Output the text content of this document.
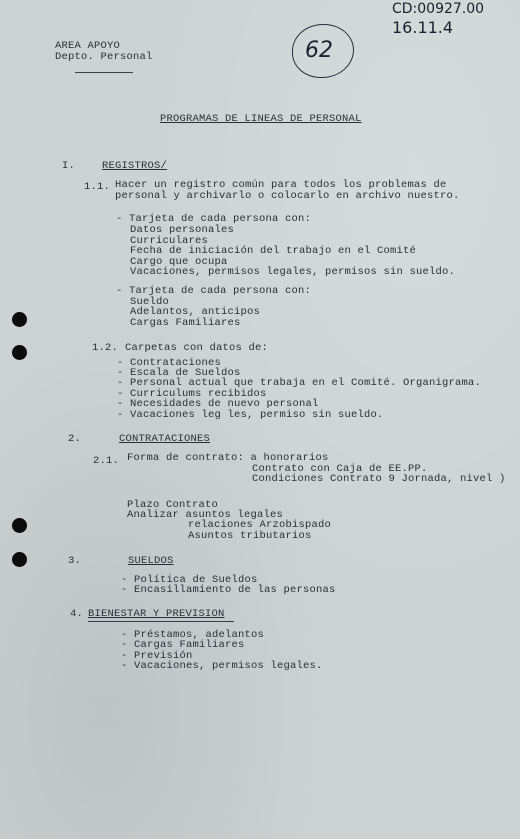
CD:00927.00
16.11.4
62
AREA APOYO
Depto. Personal
PROGRAMAS DE LINEAS DE PERSONAL
I.	REGISTROS/
1.1. Hacer un registro común para todos los problemas de
personal y archivarlo o colocarlo en archivo nuestro.
- Tarjeta de cada persona con:
Datos personales
Curriculares
Fecha de iniciación del trabajo en el Comité
Cargo que ocupa
Vacaciones, permisos legales, permisos sin sueldo.
- Tarjeta de cada persona con:
Sueldo
Adelantos, anticipos
Cargas Familiares
1.2. Carpetas con datos de:
- Contrataciones
- Escala de Sueldos
- Personal actual que trabaja en el Comité. Organigrama.
- Curriculums recibidos
- Necesidades de nuevo personal
- Vacaciones leg les, permiso sin sueldo.
2.	CONTRATACIONES
2.1. Forma de contrato: a honorarios
Contrato con Caja de EE.PP.
Condiciones Contrato 9 Jornada, nivel )
Plazo Contrato
Analizar asuntos legales
relaciones Arzobispado
Asuntos tributarios
3.	SUELDOS
- Política de Sueldos
- Encasillamiento de las personas
4. BIENESTAR Y PREVISION
- Préstamos, adelantos
- Cargas Familiares
- Previsión
- Vacaciones, permisos legales.
